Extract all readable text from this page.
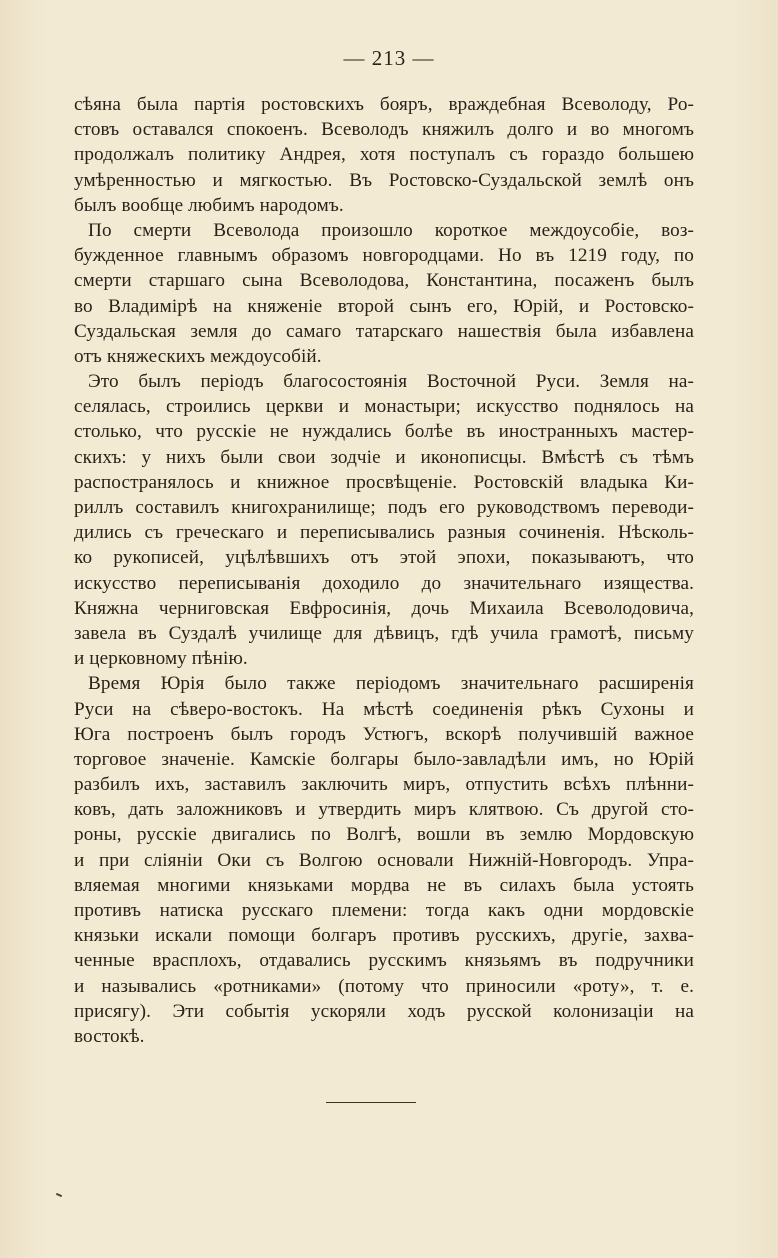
— 213 —
сѣяна была партія ростовскихъ бояръ, враждебная Всеволоду, Ро-
стовъ оставался спокоенъ. Всеволодъ княжилъ долго и во многомъ
продолжалъ политику Андрея, хотя поступалъ съ гораздо большею
умѣренностью и мягкостью. Въ Ростовско-Суздальской землѣ онъ
былъ вообще любимъ народомъ.
По смерти Всеволода произошло короткое междоусобіе, воз-
бужденное главнымъ образомъ новгородцами. Но въ 1219 году, по
смерти старшаго сына Всеволодова, Константина, посаженъ былъ
во Владимірѣ на княженіе второй сынъ его, Юрій, и Ростовско-
Суздальская земля до самаго татарскаго нашествія была избавлена
отъ княжескихъ междоусобій.
Это былъ періодъ благосостоянія Восточной Руси. Земля на-
селялась, строились церкви и монастыри; искусство поднялось на
столько, что русскіе не нуждались болѣе въ иностранныхъ мастер-
скихъ: у нихъ были свои зодчіе и иконописцы. Вмѣстѣ съ тѣмъ
распостранялось и книжное просвѣщеніе. Ростовскій владыка Ки-
риллъ составилъ книгохранилище; подъ его руководствомъ переводи-
дились съ греческаго и переписывались разныя сочиненія. Нѣсколь-
ко рукописей, уцѣлѣвшихъ отъ этой эпохи, показываютъ, что
искусство переписыванія доходило до значительнаго изящества.
Княжна черниговская Евфросинія, дочь Михаила Всеволодовича,
завела въ Суздалѣ училище для дѣвицъ, гдѣ учила грамотѣ, письму
и церковному пѣнію.
Время Юрія было также періодомъ значительнаго расширенія
Руси на сѣверо-востокъ. На мѣстѣ соединенія рѣкъ Сухоны и
Юга построенъ былъ городъ Устюгъ, вскорѣ получившій важное
торговое значеніе. Камскіе болгары было-завладѣли имъ, но Юрій
разбилъ ихъ, заставилъ заключить миръ, отпустить всѣхъ плѣнни-
ковъ, дать заложниковъ и утвердить миръ клятвою. Съ другой сто-
роны, русскіе двигались по Волгѣ, вошли въ землю Мордовскую
и при сліяніи Оки съ Волгою основали Нижній-Новгородъ. Упра-
вляемая многими князьками мордва не въ силахъ была устоять
противъ натиска русскаго племени: тогда какъ одни мордовскіе
князьки искали помощи болгаръ противъ русскихъ, другіе, захва-
ченные врасплохъ, отдавались русскимъ князьямъ въ подручники
и назывались «ротниками» (потому что приносили «роту», т. е.
присягу). Эти событія ускоряли ходъ русской колонизаціи на
востокѣ.
